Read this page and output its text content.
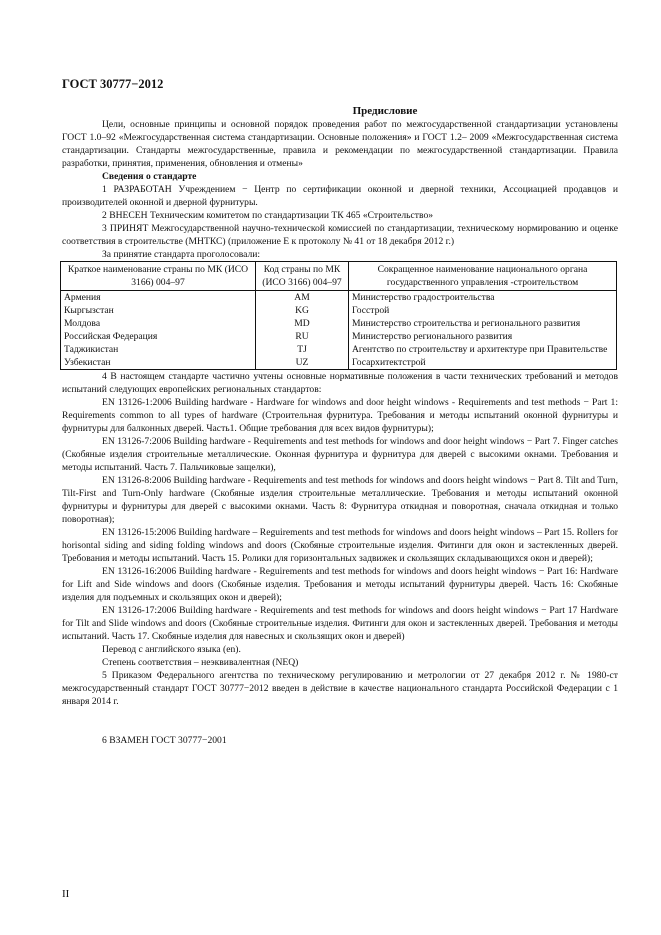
ГОСТ 30777−2012
Предисловие

Цели, основные принципы и основной порядок проведения работ по межгосударственной стандартизации установлены ГОСТ 1.0–92 «Межгосударственная система стандартизации. Основные положения» и ГОСТ 1.2– 2009 «Межгосударственная система стандартизации. Стандарты межгосударственные, правила и рекомендации по межгосударственной стандартизации. Правила разработки, принятия, применения, обновления и отмены»

Сведения о стандарте

1 РАЗРАБОТАН Учреждением − Центр по сертификации оконной и дверной техники, Ассоциацией продавцов и производителей оконной и дверной фурнитуры.

2 ВНЕСЕН Техническим комитетом по стандартизации ТК 465 «Строительство»

3 ПРИНЯТ Межгосударственной научно-технической комиссией по стандартизации, техническому нормированию и оценке соответствия в строительстве (МНТКС) (приложение Е к протоколу № 41 от 18 декабря 2012 г.)

За принятие стандарта проголосовали:

Краткое наименование страны по МК (ИСО 3166) 004–97	Код страны по МК (ИСО 3166) 004–97	Сокращенное наименование национального органа государственного управления -строительством
Армения	AM	Министерство градостроительства
Кыргызстан	KG	Госстрой
Молдова	MD	Министерство строительства и регионального развития
Российская Федерация	RU	Министерство регионального развития
Таджикистан	TJ	Агентство по строительству и архитектуре при Правительстве
Узбекистан	UZ	Госархитектстрой

4 В настоящем стандарте частично учтены основные нормативные положения в части технических требований и методов испытаний следующих европейских региональных стандартов:

EN 13126-1:2006 Building hardware - Hardware for windows and door height windows - Requirements and test methods − Part 1: Requirements common to all types of hardware (Строительная фурнитура. Требования и методы испытаний оконной фурнитуры и фурнитуры для балконных дверей. Часть1. Общие требования для всех видов фурнитуры);

EN 13126-7:2006 Building hardware - Requirements and test methods for windows and door height windows − Part 7. Finger catches (Скобяные изделия строительные металлические. Оконная фурнитура и фурнитура для дверей с высокими окнами. Требования и методы испытаний. Часть 7. Пальчиковые защелки),

EN 13126-8:2006 Building hardware - Requirements and test methods for windows and doors height windows − Part 8. Tilt and Turn, Tilt-First and Turn-Only hardware (Скобяные изделия строительные металлические. Требования и методы испытаний оконной фурнитуры и фурнитуры для дверей с высокими окнами. Часть 8: Фурнитура откидная и поворотная, сначала откидная и только поворотная);

EN 13126-15:2006 Building hardware – Reguirements and test methods for windows and doors height windows – Part 15. Rollers for horisontal siding and siding folding windows and doors (Скобяные строительные изделия. Фитинги для окон и застекленных дверей. Требования и методы испытаний. Часть 15. Ролики для горизонтальных задвижек и скользящих складывающихся окон и дверей);

EN 13126-16:2006 Building hardware - Reguirements and test methods for windows and doors height windows − Part 16: Hardware for Lift and Side windows and doors (Скобяные изделия. Требования и методы испытаний фурнитуры дверей. Часть 16: Скобяные изделия для подъемных и скользящих окон и дверей);

EN 13126-17:2006 Building hardware - Requirements and test methods for windows and doors height windows − Part 17 Hardware for Tilt and Slide windows and doors (Скобяные строительные изделия. Фитинги для окон и застекленных дверей. Требования и методы испытаний. Часть 17. Скобяные изделия для навесных и скользящих окон и дверей)

Перевод с английского языка (en).

Степень соответствия – неэквивалентная (NEQ)

5 Приказом Федерального агентства по техническому регулированию и метрологии от 27 декабря 2012 г. № 1980-ст межгосударственный стандарт ГОСТ 30777−2012 введен в действие в качестве национального стандарта Российской Федерации с 1 января 2014 г.

6 ВЗАМЕН ГОСТ 30777−2001

II
